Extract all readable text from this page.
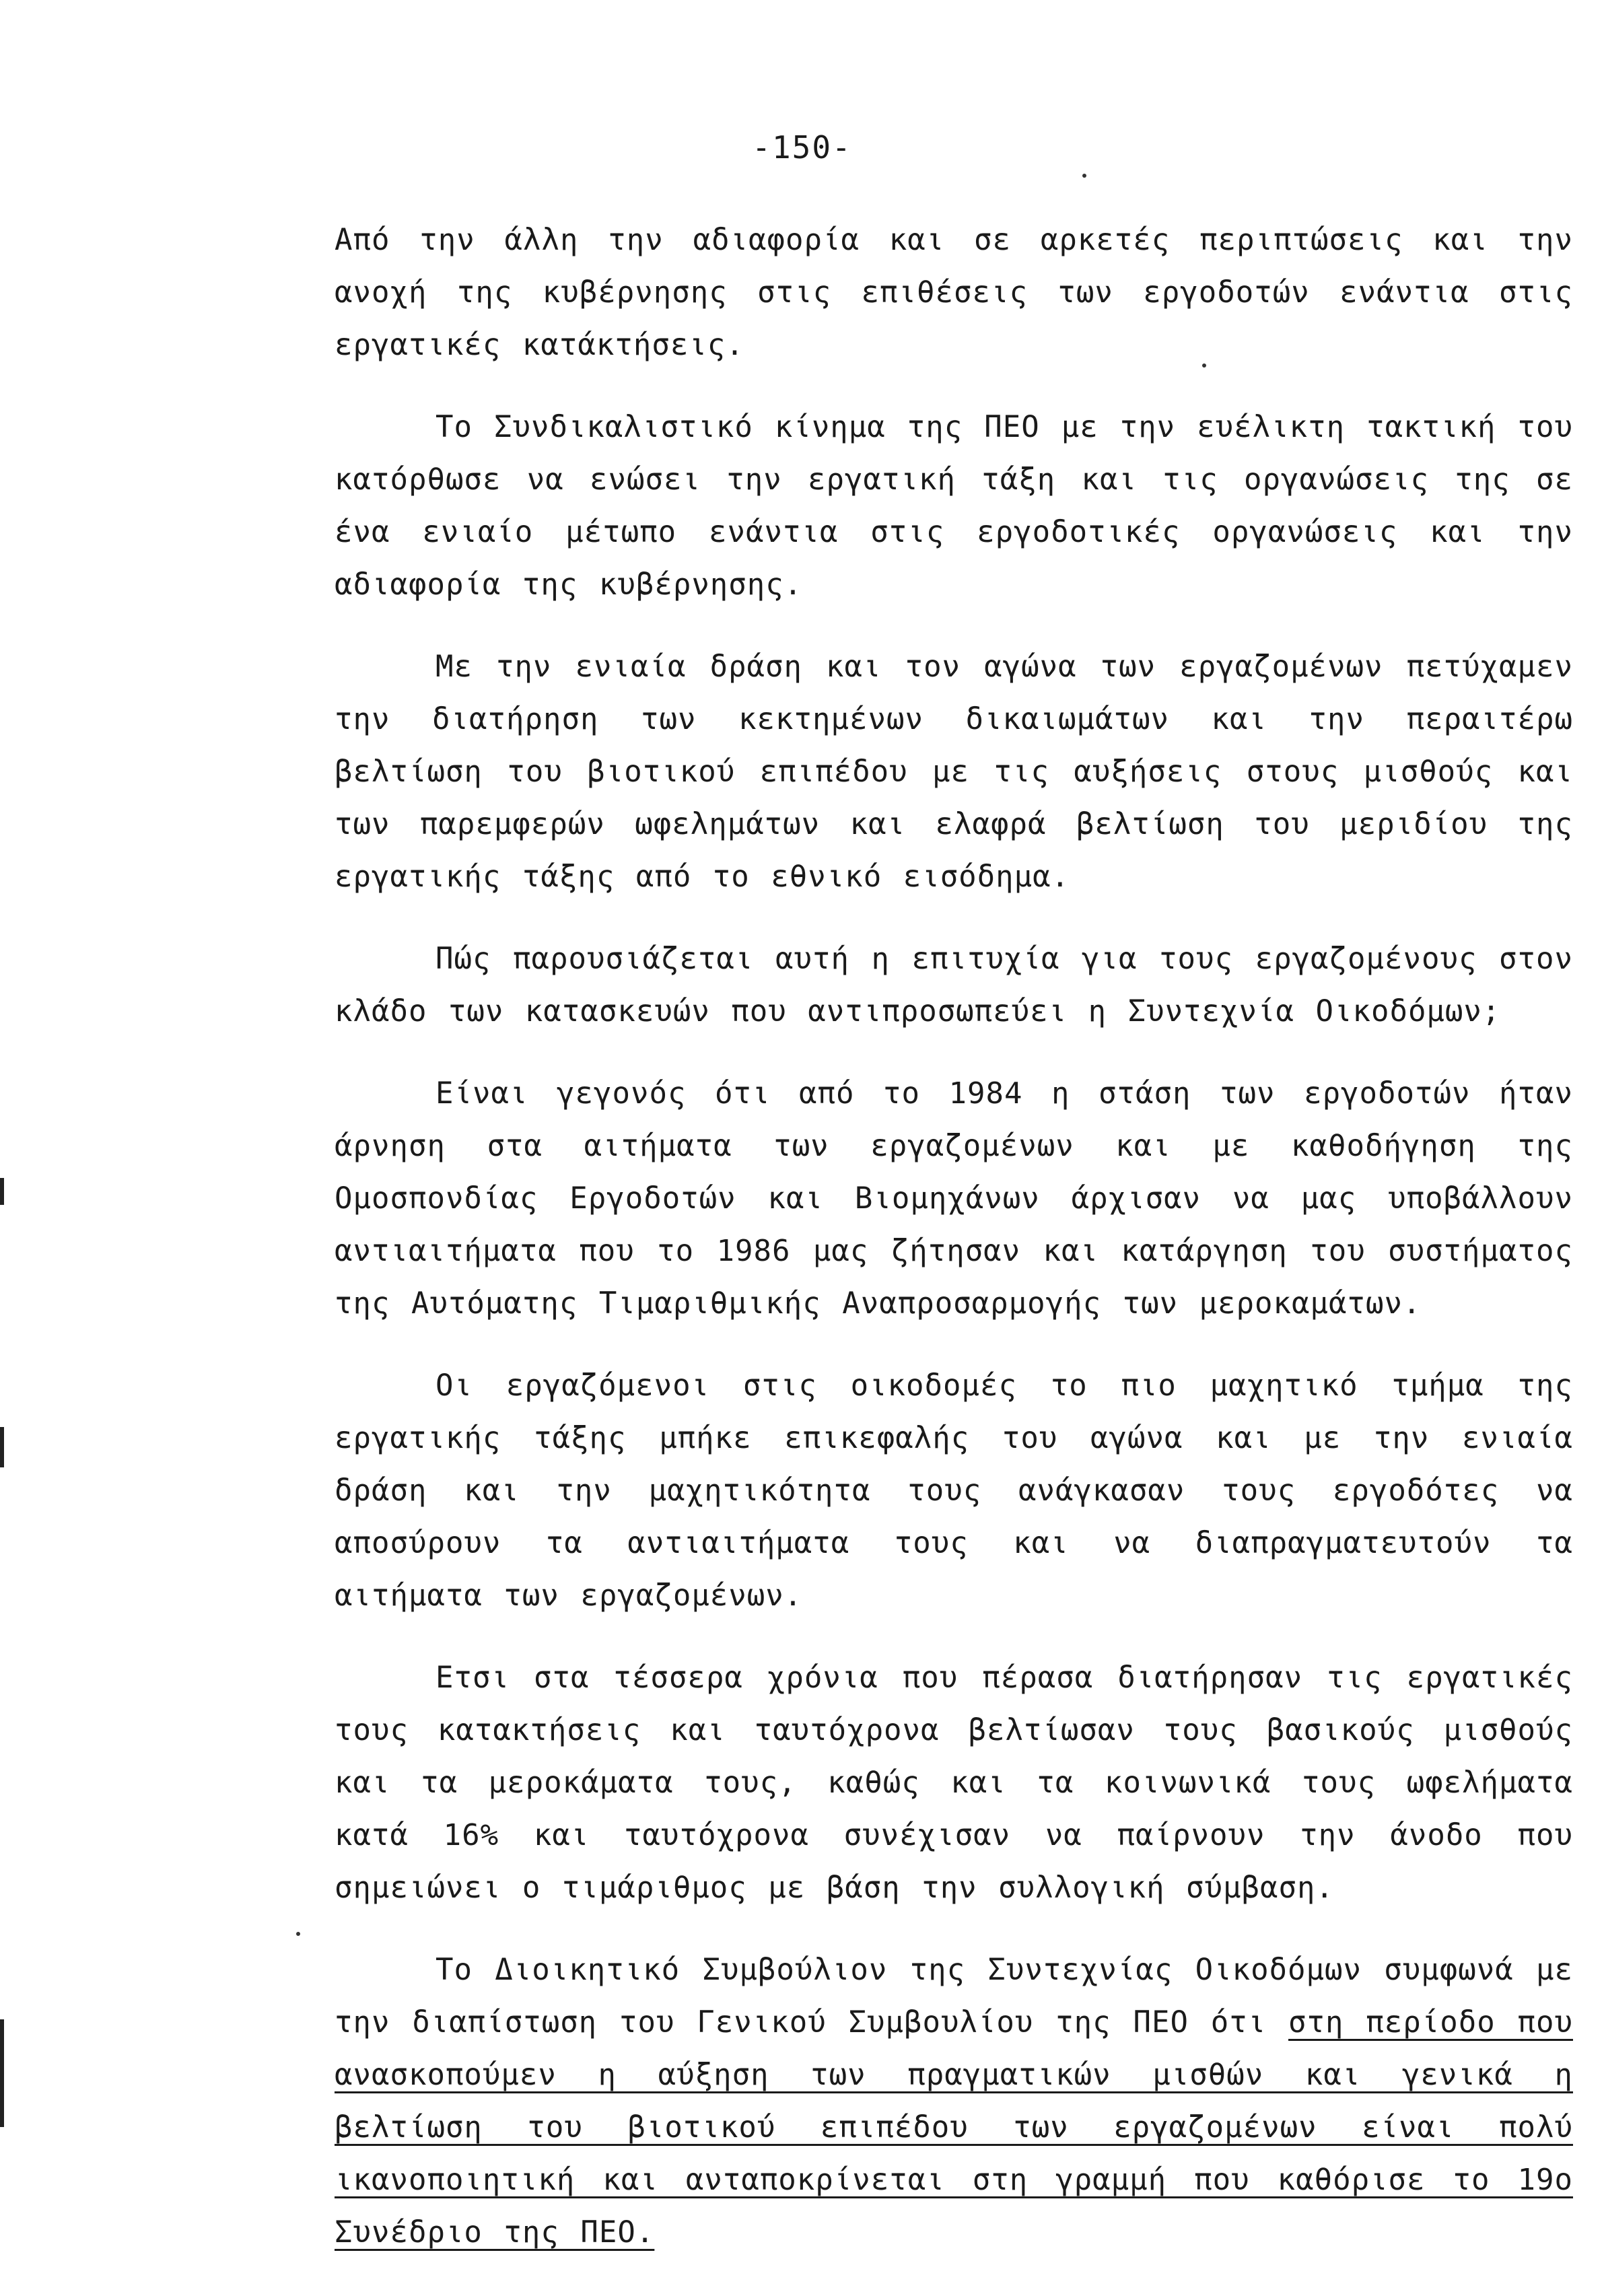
-150-

Από την άλλη την αδιαφορία και σε αρκετές περιπτώσεις και την ανοχή της κυβέρνησης στις επιθέσεις των εργοδοτών ενάντια στις εργατικές κατάκτήσεις.

Το Συνδικαλιστικό κίνημα της ΠΕΟ με την ευέλικτη τακτική του κατόρθωσε να ενώσει την εργατική τάξη και τις οργανώσεις της σε ένα ενιαίο μέτωπο ενάντια στις εργοδοτικές οργανώσεις και την αδιαφορία της κυβέρνησης.

Με την ενιαία δράση και τον αγώνα των εργαζομένων πετύχαμεν την διατήρηση των κεκτημένων δικαιωμάτων και την περαιτέρω βελτίωση του βιοτικού επιπέδου με τις αυξήσεις στους μισθούς και των παρεμφερών ωφελημάτων και ελαφρά βελτίωση του μεριδίου της εργατικής τάξης από το εθνικό εισόδημα.

Πώς παρουσιάζεται αυτή η επιτυχία για τους εργαζομένους στον κλάδο των κατασκευών που αντιπροσωπεύει η Συντεχνία Οικοδόμων;

Είναι γεγονός ότι από το 1984 η στάση των εργοδοτών ήταν άρνηση στα αιτήματα των εργαζομένων και με καθοδήγηση της Ομοσπονδίας Εργοδοτών και Βιομηχάνων άρχισαν να μας υποβάλλουν αντιαιτήματα που το 1986 μας ζήτησαν και κατάργηση του συστήματος της Αυτόματης Τιμαριθμικής Αναπροσαρμογής των μεροκαμάτων.

Οι εργαζόμενοι στις οικοδομές το πιο μαχητικό τμήμα της εργατικής τάξης μπήκε επικεφαλής του αγώνα και με την ενιαία δράση και την μαχητικότητα τους ανάγκασαν τους εργοδότες να αποσύρουν τα αντιαιτήματα τους και να διαπραγματευτούν τα αιτήματα των εργαζομένων.

Ετσι στα τέσσερα χρόνια που πέρασα διατήρησαν τις εργατικές τους κατακτήσεις και ταυτόχρονα βελτίωσαν τους βασικούς μισθούς και τα μεροκάματα τους, καθώς και τα κοινωνικά τους ωφελήματα κατά 16% και ταυτόχρονα συνέχισαν να παίρνουν την άνοδο που σημειώνει ο τιμάριθμος με βάση την συλλογική σύμβαση.

Το Διοικητικό Συμβούλιον της Συντεχνίας Οικοδόμων συμφωνά με την διαπίστωση του Γενικού Συμβουλίου της ΠΕΟ ότι στη περίοδο που ανασκοπούμεν η αύξηση των πραγματικών μισθών και γενικά η βελτίωση του βιοτικού επιπέδου των εργαζομένων είναι πολύ ικανοποιητική και ανταποκρίνεται στη γραμμή που καθόρισε το 19ο Συνέδριο της ΠΕΟ.
